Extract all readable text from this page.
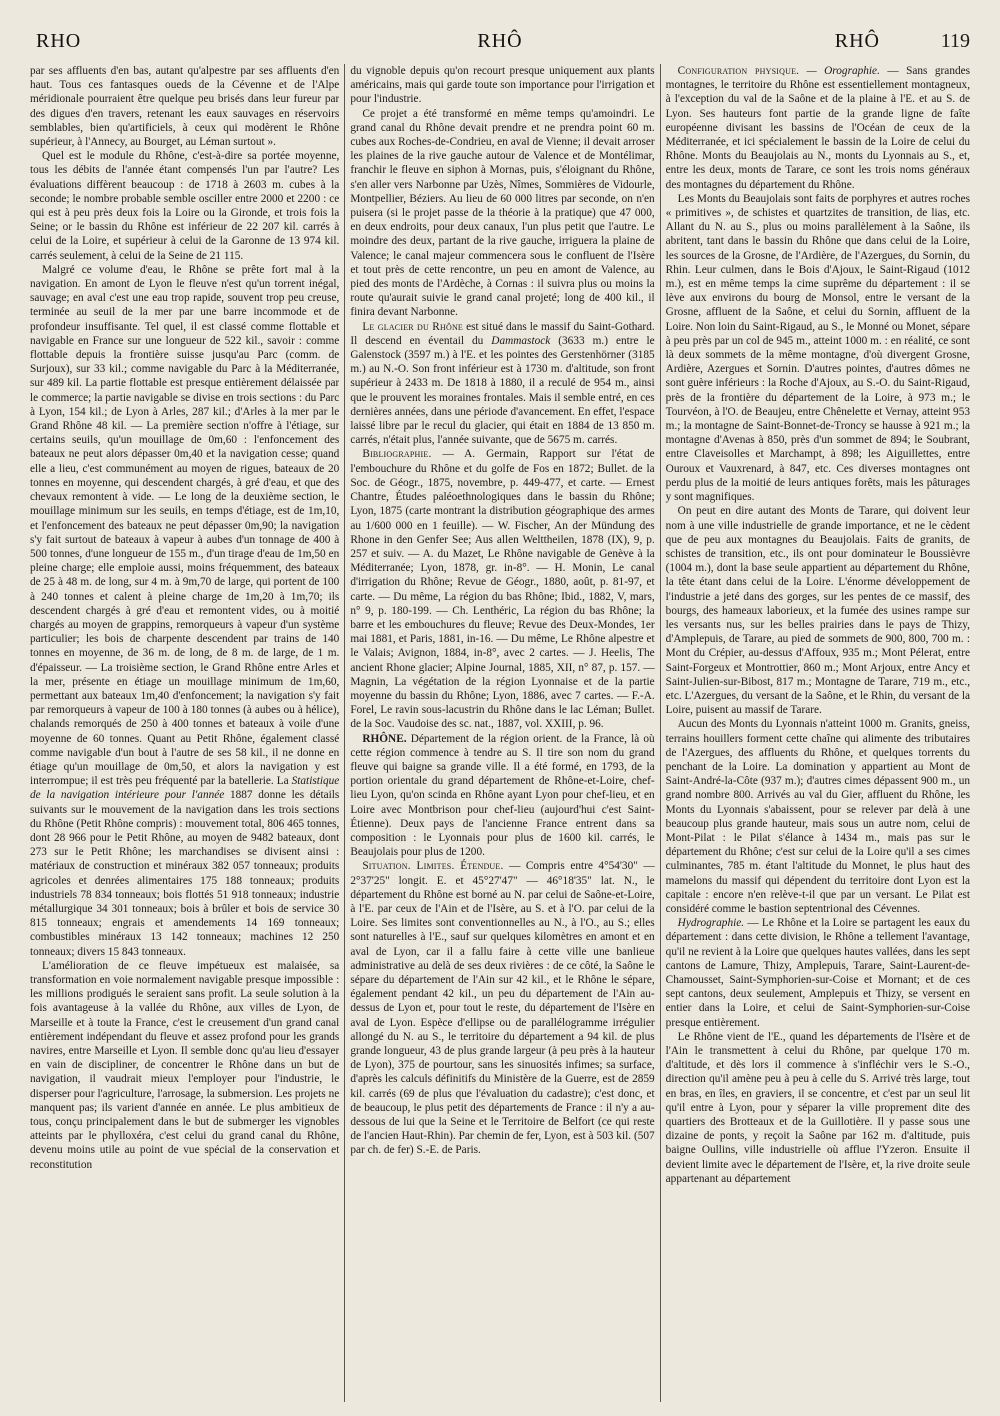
RHO	RHÔ	RHÔ	119

par ses affluents d'en bas, autant qu'alpestre par ses affluents d'en haut. Tous ces fantasques oueds de la Cévenne et de l'Alpe méridionale pourraient être quelque peu brisés dans leur fureur par des digues d'en travers, retenant les eaux sauvages en réservoirs semblables, bien qu'artificiels, à ceux qui modèrent le Rhône supérieur, à l'Annecy, au Bourget, au Léman surtout ».

Quel est le module du Rhône, c'est-à-dire sa portée moyenne, tous les débits de l'année étant compensés l'un par l'autre? Les évaluations diffèrent beaucoup : de 1718 à 2603 m. cubes à la seconde; le nombre probable semble osciller entre 2000 et 2200 : ce qui est à peu près deux fois la Loire ou la Gironde, et trois fois la Seine; or le bassin du Rhône est inférieur de 22 207 kil. carrés à celui de la Loire, et supérieur à celui de la Garonne de 13 974 kil. carrés seulement, à celui de la Seine de 21 115.

Malgré ce volume d'eau, le Rhône se prête fort mal à la navigation. En amont de Lyon le fleuve n'est qu'un torrent inégal, sauvage; en aval c'est une eau trop rapide, souvent trop peu creuse, terminée au seuil de la mer par une barre incommode et de profondeur insuffisante. Tel quel, il est classé comme flottable et navigable en France sur une longueur de 522 kil., savoir : comme flottable depuis la frontière suisse jusqu'au Parc (comm. de Surjoux), sur 33 kil.; comme navigable du Parc à la Méditerranée, sur 489 kil. La partie flottable est presque entièrement délaissée par le commerce; la partie navigable se divise en trois sections : du Parc à Lyon, 154 kil.; de Lyon à Arles, 287 kil.; d'Arles à la mer par le Grand Rhône 48 kil. — La première section n'offre à l'étiage, sur certains seuils, qu'un mouillage de 0m,60 : l'enfoncement des bateaux ne peut alors dépasser 0m,40 et la navigation cesse; quand elle a lieu, c'est communément au moyen de rigues, bateaux de 20 tonnes en moyenne, qui descendent chargés, à gré d'eau, et que des chevaux remontent à vide. — Le long de la deuxième section, le mouillage minimum sur les seuils, en temps d'étiage, est de 1m,10, et l'enfoncement des bateaux ne peut dépasser 0m,90; la navigation s'y fait surtout de bateaux à vapeur à aubes d'un tonnage de 400 à 500 tonnes, d'une longueur de 155 m., d'un tirage d'eau de 1m,50 en pleine charge; elle emploie aussi, moins fréquemment, des bateaux de 25 à 48 m. de long, sur 4 m. à 9m,70 de large, qui portent de 100 à 240 tonnes et calent à pleine charge de 1m,20 à 1m,70; ils descendent chargés à gré d'eau et remontent vides, ou à moitié chargés au moyen de grappins, remorqueurs à vapeur d'un système particulier; les bois de charpente descendent par trains de 140 tonnes en moyenne, de 36 m. de long, de 8 m. de large, de 1 m. d'épaisseur. — La troisième section, le Grand Rhône entre Arles et la mer, présente en étiage un mouillage minimum de 1m,60, permettant aux bateaux 1m,40 d'enfoncement; la navigation s'y fait par remorqueurs à vapeur de 100 à 180 tonnes (à aubes ou à hélice), chalands remorqués de 250 à 400 tonnes et bateaux à voile d'une moyenne de 60 tonnes. Quant au Petit Rhône, également classé comme navigable d'un bout à l'autre de ses 58 kil., il ne donne en étiage qu'un mouillage de 0m,50, et alors la navigation y est interrompue; il est très peu fréquenté par la batellerie. La Statistique de la navigation intérieure pour l'année 1887 donne les détails suivants sur le mouvement de la navigation dans les trois sections du Rhône (Petit Rhône compris) : mouvement total, 806 465 tonnes, dont 28 966 pour le Petit Rhône, au moyen de 9482 bateaux, dont 273 sur le Petit Rhône; les marchandises se divisent ainsi : matériaux de construction et minéraux 382 057 tonneaux; produits agricoles et denrées alimentaires 175 188 tonneaux; produits industriels 78 834 tonneaux; bois flottés 51 918 tonneaux; industrie métallurgique 34 301 tonneaux; bois à brûler et bois de service 30 815 tonneaux; engrais et amendements 14 169 tonneaux; combustibles minéraux 13 142 tonneaux; machines 12 250 tonneaux; divers 15 843 tonneaux.

L'amélioration de ce fleuve impétueux est malaisée, sa transformation en voie normalement navigable presque impossible : les millions prodigués le seraient sans profit. La seule solution à la fois avantageuse à la vallée du Rhône, aux villes de Lyon, de Marseille et à toute la France, c'est le creusement d'un grand canal entièrement indépendant du fleuve et assez profond pour les grands navires, entre Marseille et Lyon. Il semble donc qu'au lieu d'essayer en vain de discipliner, de concentrer le Rhône dans un but de navigation, il vaudrait mieux l'employer pour l'industrie, le disperser pour l'agriculture, l'arrosage, la submersion. Les projets ne manquent pas; ils varient d'année en année. Le plus ambitieux de tous, conçu principalement dans le but de submerger les vignobles atteints par le phylloxéra, c'est celui du grand canal du Rhône, devenu moins utile au point de vue spécial de la conservation et reconstitution

du vignoble depuis qu'on recourt presque uniquement aux plants américains, mais qui garde toute son importance pour l'irrigation et pour l'industrie.

Ce projet a été transformé en même temps qu'amoindri. Le grand canal du Rhône devait prendre et ne prendra point 60 m. cubes aux Roches-de-Condrieu, en aval de Vienne; il devait arroser les plaines de la rive gauche autour de Valence et de Montélimar, franchir le fleuve en siphon à Mornas, puis, s'éloignant du Rhône, s'en aller vers Narbonne par Uzès, Nîmes, Sommières de Vidourle, Montpellier, Béziers. Au lieu de 60 000 litres par seconde, on n'en puisera (si le projet passe de la théorie à la pratique) que 47 000, en deux endroits, pour deux canaux, l'un plus petit que l'autre. Le moindre des deux, partant de la rive gauche, irriguera la plaine de Valence; le canal majeur commencera sous le confluent de l'Isère et tout près de cette rencontre, un peu en amont de Valence, au pied des monts de l'Ardèche, à Cornas : il suivra plus ou moins la route qu'aurait suivie le grand canal projeté; long de 400 kil., il finira devant Narbonne.

Le glacier du Rhône est situé dans le massif du Saint-Gothard. Il descend en éventail du Dammastock (3633 m.) entre le Galenstock (3597 m.) à l'E. et les pointes des Gerstenhörner (3185 m.) au N.-O. Son front inférieur est à 1730 m. d'altitude, son front supérieur à 2433 m. De 1818 à 1880, il a reculé de 954 m., ainsi que le prouvent les moraines frontales. Mais il semble entré, en ces dernières années, dans une période d'avancement. En effet, l'espace laissé libre par le recul du glacier, qui était en 1884 de 13 850 m. carrés, n'était plus, l'année suivante, que de 5675 m. carrés.

Bibliographie. — A. Germain, Rapport sur l'état de l'embouchure du Rhône et du golfe de Fos en 1872; Bullet. de la Soc. de Géogr., 1875, novembre, p. 449-477, et carte. — Ernest Chantre, Études paléoethnologiques dans le bassin du Rhône; Lyon, 1875 (carte montrant la distribution géographique des armes au 1/600 000 en 1 feuille). — W. Fischer, An der Mündung des Rhone in den Genfer See; Aus allen Welttheilen, 1878 (IX), 9, p. 257 et suiv. — A. du Mazet, Le Rhône navigable de Genève à la Méditerranée; Lyon, 1878, gr. in-8°. — H. Monin, Le canal d'irrigation du Rhône; Revue de Géogr., 1880, août, p. 81-97, et carte. — Du même, La région du bas Rhône; Ibid., 1882, V, mars, n° 9, p. 180-199. — Ch. Lenthéric, La région du bas Rhône; la barre et les embouchures du fleuve; Revue des Deux-Mondes, 1er mai 1881, et Paris, 1881, in-16. — Du même, Le Rhône alpestre et le Valais; Avignon, 1884, in-8°, avec 2 cartes. — J. Heelis, The ancient Rhone glacier; Alpine Journal, 1885, XII, n° 87, p. 157. — Magnin, La végétation de la région Lyonnaise et de la partie moyenne du bassin du Rhône; Lyon, 1886, avec 7 cartes. — F.-A. Forel, Le ravin sous-lacustrin du Rhône dans le lac Léman; Bullet. de la Soc. Vaudoise des sc. nat., 1887, vol. XXIII, p. 96.

RHÔNE. Département de la région orient. de la France, là où cette région commence à tendre au S. Il tire son nom du grand fleuve qui baigne sa grande ville. Il a été formé, en 1793, de la portion orientale du grand département de Rhône-et-Loire, chef-lieu Lyon, qu'on scinda en Rhône ayant Lyon pour chef-lieu, et en Loire avec Montbrison pour chef-lieu (aujourd'hui c'est Saint-Étienne). Deux pays de l'ancienne France entrent dans sa composition : le Lyonnais pour plus de 1600 kil. carrés, le Beaujolais pour plus de 1200.

Situation. Limites. Étendue. — Compris entre 4°54'30" — 2°37'25" longit. E. et 45°27'47" — 46°18'35" lat. N., le département du Rhône est borné au N. par celui de Saône-et-Loire, à l'E. par ceux de l'Ain et de l'Isère, au S. et à l'O. par celui de la Loire. Ses limites sont conventionnelles au N., à l'O., au S.; elles sont naturelles à l'E., sauf sur quelques kilomètres en amont et en aval de Lyon, car il a fallu faire à cette ville une banlieue administrative au delà de ses deux rivières : de ce côté, la Saône le sépare du département de l'Ain sur 42 kil., et le Rhône le sépare, également pendant 42 kil., un peu du département de l'Ain au-dessus de Lyon et, pour tout le reste, du département de l'Isère en aval de Lyon. Espèce d'ellipse ou de parallélogramme irrégulier allongé du N. au S., le territoire du département a 94 kil. de plus grande longueur, 43 de plus grande largeur (à peu près à la hauteur de Lyon), 375 de pourtour, sans les sinuosités infimes; sa surface, d'après les calculs définitifs du Ministère de la Guerre, est de 2859 kil. carrés (69 de plus que l'évaluation du cadastre); c'est donc, et de beaucoup, le plus petit des départements de France : il n'y a au-dessous de lui que la Seine et le Territoire de Belfort (ce qui reste de l'ancien Haut-Rhin). Par chemin de fer, Lyon, est à 503 kil. (507 par ch. de fer) S.-E. de Paris.

Configuration physique. — Orographie. — Sans grandes montagnes, le territoire du Rhône est essentiellement montagneux, à l'exception du val de la Saône et de la plaine à l'E. et au S. de Lyon. Ses hauteurs font partie de la grande ligne de faîte européenne divisant les bassins de l'Océan de ceux de la Méditerranée, et ici spécialement le bassin de la Loire de celui du Rhône. Monts du Beaujolais au N., monts du Lyonnais au S., et, entre les deux, monts de Tarare, ce sont les trois noms généraux des montagnes du département du Rhône.

Les Monts du Beaujolais sont faits de porphyres et autres roches « primitives », de schistes et quartzites de transition, de lias, etc. Allant du N. au S., plus ou moins parallèlement à la Saône, ils abritent, tant dans le bassin du Rhône que dans celui de la Loire, les sources de la Grosne, de l'Ardière, de l'Azergues, du Sornin, du Rhin. Leur culmen, dans le Bois d'Ajoux, le Saint-Rigaud (1012 m.), est en même temps la cime suprême du département : il se lève aux environs du bourg de Monsol, entre le versant de la Grosne, affluent de la Saône, et celui du Sornin, affluent de la Loire. Non loin du Saint-Rigaud, au S., le Monné ou Monet, sépare à peu près par un col de 945 m., atteint 1000 m. : en réalité, ce sont là deux sommets de la même montagne, d'où divergent Grosne, Ardière, Azergues et Sornin. D'autres pointes, d'autres dômes ne sont guère inférieurs : la Roche d'Ajoux, au S.-O. du Saint-Rigaud, près de la frontière du département de la Loire, à 973 m.; le Tourvéon, à l'O. de Beaujeu, entre Chênelette et Vernay, atteint 953 m.; la montagne de Saint-Bonnet-de-Troncy se hausse à 921 m.; la montagne d'Avenas à 850, près d'un sommet de 894; le Soubrant, entre Claveisolles et Marchampt, à 898; les Aiguillettes, entre Ouroux et Vauxrenard, à 847, etc. Ces diverses montagnes ont perdu plus de la moitié de leurs antiques forêts, mais les pâturages y sont magnifiques.

On peut en dire autant des Monts de Tarare, qui doivent leur nom à une ville industrielle de grande importance, et ne le cèdent que de peu aux montagnes du Beaujolais. Faits de granits, de schistes de transition, etc., ils ont pour dominateur le Boussièvre (1004 m.), dont la base seule appartient au département du Rhône, la tête étant dans celui de la Loire. L'énorme développement de l'industrie a jeté dans des gorges, sur les pentes de ce massif, des bourgs, des hameaux laborieux, et la fumée des usines rampe sur les versants nus, sur les belles prairies dans le pays de Thizy, d'Amplepuis, de Tarare, au pied de sommets de 900, 800, 700 m. : Mont du Crépier, au-dessus d'Affoux, 935 m.; Mont Pélerat, entre Saint-Forgeux et Montrottier, 860 m.; Mont Arjoux, entre Ancy et Saint-Julien-sur-Bibost, 817 m.; Montagne de Tarare, 719 m., etc., etc. L'Azergues, du versant de la Saône, et le Rhin, du versant de la Loire, puisent au massif de Tarare.

Aucun des Monts du Lyonnais n'atteint 1000 m. Granits, gneiss, terrains houillers forment cette chaîne qui alimente des tributaires de l'Azergues, des affluents du Rhône, et quelques torrents du penchant de la Loire. La domination y appartient au Mont de Saint-André-la-Côte (937 m.); d'autres cimes dépassent 900 m., un grand nombre 800. Arrivés au val du Gier, affluent du Rhône, les Monts du Lyonnais s'abaissent, pour se relever par delà à une beaucoup plus grande hauteur, mais sous un autre nom, celui de Mont-Pilat : le Pilat s'élance à 1434 m., mais pas sur le département du Rhône; c'est sur celui de la Loire qu'il a ses cimes culminantes, 785 m. étant l'altitude du Monnet, le plus haut des mamelons du massif qui dépendent du territoire dont Lyon est la capitale : encore n'en relève-t-il que par un versant. Le Pilat est considéré comme le bastion septentrional des Cévennes.

Hydrographie. — Le Rhône et la Loire se partagent les eaux du département : dans cette division, le Rhône a tellement l'avantage, qu'il ne revient à la Loire que quelques hautes vallées, dans les sept cantons de Lamure, Thizy, Amplepuis, Tarare, Saint-Laurent-de-Chamousset, Saint-Symphorien-sur-Coise et Mornant; et de ces sept cantons, deux seulement, Amplepuis et Thizy, se versent en entier dans la Loire, et celui de Saint-Symphorien-sur-Coise presque entièrement.

Le Rhône vient de l'E., quand les départements de l'Isère et de l'Ain le transmettent à celui du Rhône, par quelque 170 m. d'altitude, et dès lors il commence à s'infléchir vers le S.-O., direction qu'il amène peu à peu à celle du S. Arrivé très large, tout en bras, en îles, en graviers, il se concentre, et c'est par un seul lit qu'il entre à Lyon, pour y séparer la ville proprement dite des quartiers des Brotteaux et de la Guillotière. Il y passe sous une dizaine de ponts, y reçoit la Saône par 162 m. d'altitude, puis baigne Oullins, ville industrielle où afflue l'Yzeron. Ensuite il devient limite avec le département de l'Isère, et, la rive droite seule appartenant au département
